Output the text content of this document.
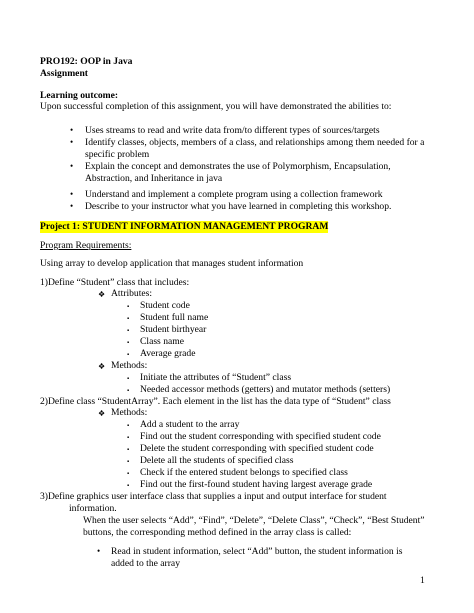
PRO192: OOP in Java
Assignment
Learning outcome:
Upon successful completion of this assignment, you will have demonstrated the abilities to:
• Uses streams to read and write data from/to different types of sources/targets
• Identify classes, objects, members of a class, and relationships among them needed for a
specific problem
• Explain the concept and demonstrates the use of Polymorphism, Encapsulation,
Abstraction, and Inheritance in java
• Understand and implement a complete program using a collection framework
• Describe to your instructor what you have learned in completing this workshop.
Project 1: STUDENT INFORMATION MANAGEMENT PROGRAM
Program Requirements:
Using array to develop application that manages student information
1)Define “Student” class that includes:
❖ Attributes:
▪ Student code
▪ Student full name
▪ Student birthyear
▪ Class name
▪ Average grade
❖ Methods:
▪ Initiate the attributes of “Student” class
▪ Needed accessor methods (getters) and mutator methods (setters)
2)Define class “StudentArray”. Each element in the list has the data type of “Student” class
❖ Methods:
▪ Add a student to the array
▪ Find out the student corresponding with specified student code
▪ Delete the student corresponding with specified student code
▪ Delete all the students of specified class
▪ Check if the entered student belongs to specified class
▪ Find out the first-found student having largest average grade
3)Define graphics user interface class that supplies a input and output interface for student
information.
When the user selects “Add”, “Find”, “Delete”, “Delete Class”, “Check”, “Best Student”
buttons, the corresponding method defined in the array class is called:
• Read in student information, select “Add” button, the student information is
added to the array
1
